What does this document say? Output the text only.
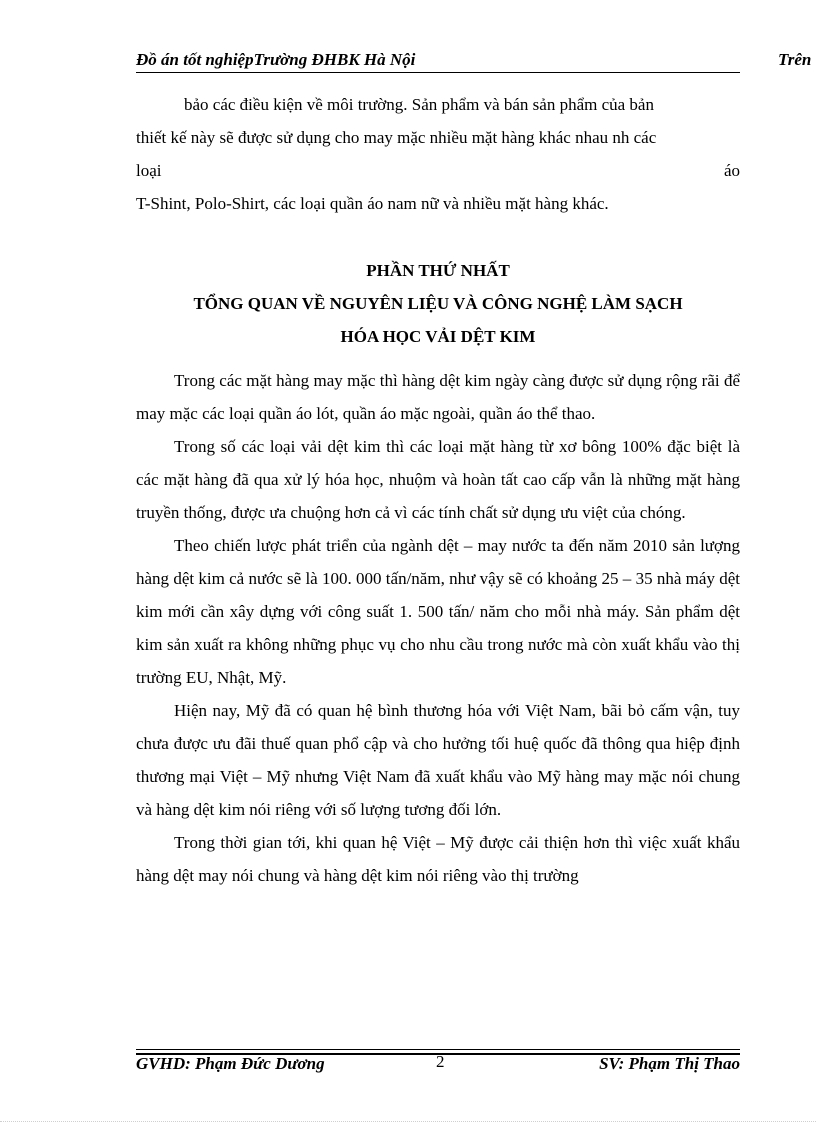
Đồ án tốt nghiệpTrường ĐHBK Hà Nội	Trên

bảo các điều kiện về môi trường. Sản phẩm và bán sản phẩm của bản

thiết kế này sẽ được sử dụng cho may mặc nhiều mặt hàng khác nhau nh các

loại	áo

T-Shint, Polo-Shirt, các loại quần áo nam nữ và nhiều mặt hàng khác.

PHẦN THỨ NHẤT
TỔNG QUAN VỀ NGUYÊN LIỆU VÀ CÔNG NGHỆ LÀM SẠCH
HÓA HỌC VẢI DỆT KIM

Trong các mặt hàng may mặc thì hàng dệt kim ngày càng được sử dụng rộng rãi để may mặc các loại quần áo lót, quần áo mặc ngoài, quần áo thể thao.

Trong số các loại vải dệt kim thì các loại mặt hàng từ xơ bông 100% đặc biệt là các mặt hàng đã qua xử lý hóa học, nhuộm và hoàn tất cao cấp vẫn là những mặt hàng truyền thống, được ưa chuộng hơn cả vì các tính chất sử dụng ưu việt của chóng.

Theo chiến lược phát triển của ngành dệt – may nước ta đến năm 2010 sản lượng hàng dệt kim cả nước sẽ là 100. 000 tấn/năm, như vậy sẽ có khoảng 25 – 35 nhà máy dệt kim mới cần xây dựng với công suất 1. 500 tấn/ năm cho mỗi nhà máy. Sản phẩm dệt kim sản xuất ra không những phục vụ cho nhu cầu trong nước mà còn xuất khẩu vào thị trường EU, Nhật, Mỹ.

Hiện nay, Mỹ đã có quan hệ bình thương hóa với Việt Nam, bãi bỏ cấm vận, tuy chưa được ưu đãi thuế quan phổ cập và cho hưởng tối huệ quốc đã thông qua hiệp định thương mại Việt – Mỹ nhưng Việt Nam đã xuất khẩu vào Mỹ hàng may mặc nói chung và hàng dệt kim nói riêng với số lượng tương đối lớn.

Trong thời gian tới, khi quan hệ Việt – Mỹ được cải thiện hơn thì việc xuất khẩu hàng dệt may nói chung và hàng dệt kim nói riêng vào thị trường

GVHD: Phạm Đức Dương	2	SV: Phạm Thị Thao
